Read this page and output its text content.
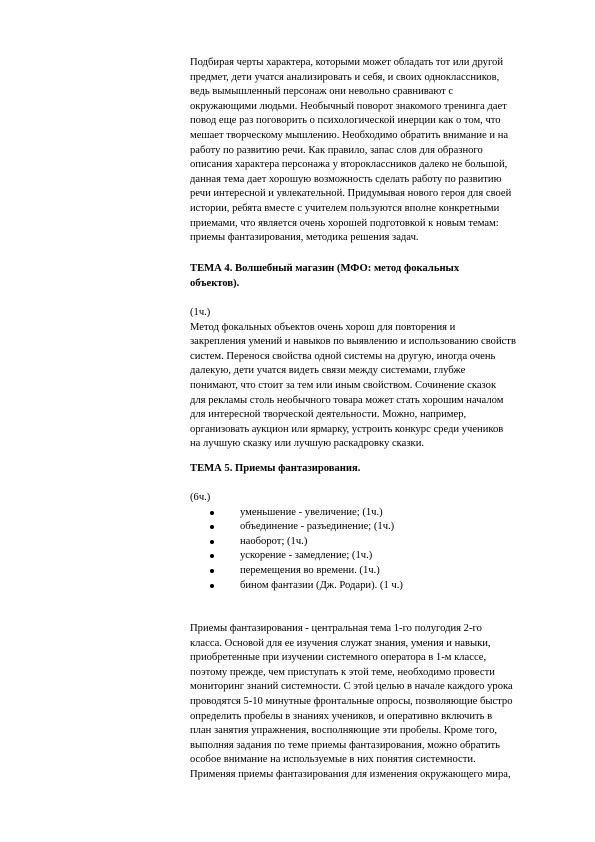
Подбирая черты характера, которыми может обладать тот или другой
предмет, дети учатся анализировать и себя, и своих одноклассников,
ведь вымышленный персонаж они невольно сравнивают с
окружающими людьми. Необычный поворот знакомого тренинга дает
повод еще раз поговорить о психологической инерции как о том, что
мешает творческому мышлению. Необходимо обратить внимание и на
работу по развитию речи. Как правило, запас слов для образного
описания характера персонажа у второклассников далеко не большой,
данная тема дает хорошую возможность сделать работу по развитию
речи интересной и увлекательной. Придумывая нового героя для своей
истории, ребята вместе с учителем пользуются вполне конкретными
приемами, что является очень хорошей подготовкой к новым темам:
приемы фантазирования, методика решения задач.
ТЕМА 4. Волшебный магазин (МФО: метод фокальных
объектов).
(1ч.)
Метод фокальных объектов очень хорош для повторения и
закрепления умений и навыков по выявлению и использованию свойств
систем. Перенося свойства одной системы на другую, иногда очень
далекую, дети учатся видеть связи между системами, глубже
понимают, что стоит за тем или иным свойством. Сочинение сказок
для рекламы столь необычного товара может стать хорошим началом
для интересной творческой деятельности. Можно, например,
организовать аукцион или ярмарку, устроить конкурс среди учеников
на лучшую сказку или лучшую раскадровку сказки.
ТЕМА 5. Приемы фантазирования.
(6ч.)
уменьшение - увеличение; (1ч.)
объединение - разъединение; (1ч.)
наоборот; (1ч.)
ускорение - замедление; (1ч.)
перемещения во времени. (1ч.)
бином фантазии (Дж. Родари). (1 ч.)
Приемы фантазирования - центральная тема 1-го полугодия 2-го
класса. Основой для ее изучения служат знания, умения и навыки,
приобретенные при изучении системного оператора в 1-м классе,
поэтому прежде, чем приступать к этой теме, необходимо провести
мониторинг знаний системности. С этой целью в начале каждого урока
проводятся 5-10 минутные фронтальные опросы, позволяющие быстро
определить пробелы в знаниях учеников, и оперативно включить в
план занятия упражнения, восполняющие эти пробелы. Кроме того,
выполняя задания по теме приемы фантазирования, можно обратить
особое внимание на используемые в них понятия системности.
Применяя приемы фантазирования для изменения окружающего мира,
